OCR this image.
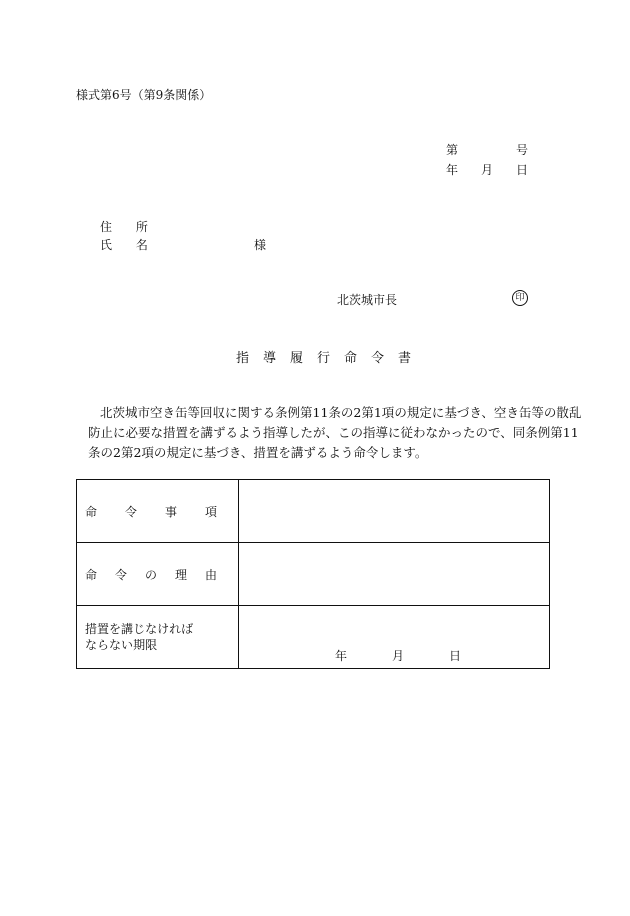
様式第6号（第9条関係）
第	号
年 月 日
住 所
氏 名	様
北茨城市長	印
指導履行命令書
北茨城市空き缶等回収に関する条例第11条の2第1項の規定に基づき、空き缶等の散乱
防止に必要な措置を講ずるよう指導したが、この指導に従わなかったので、同条例第11
条の2第2項の規定に基づき、措置を講ずるよう命令します。
命 令 事 項	

命 令 の 理 由	

措置を講じなければ
ならない期限	年 月 日
